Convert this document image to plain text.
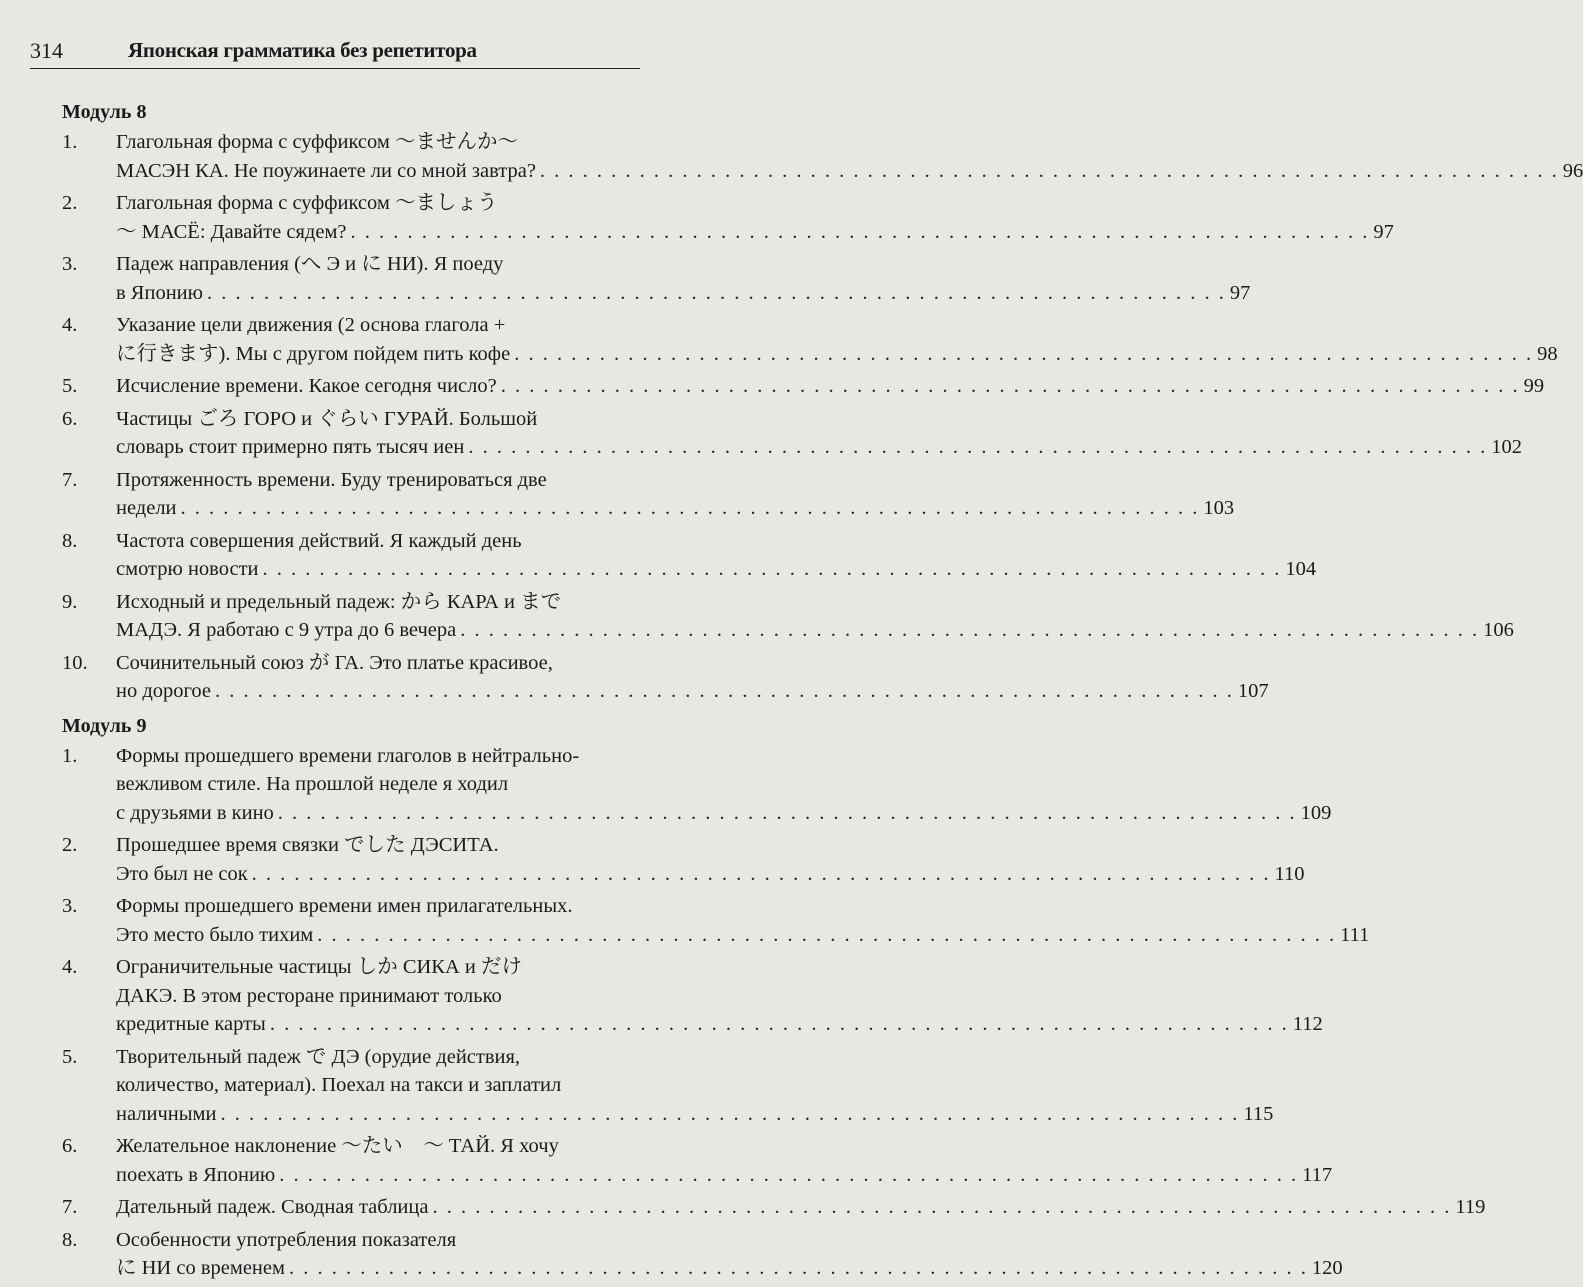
314	Японская грамматика без репетитора
Модуль 8
1.	Глагольная форма с суффиксом ～ませんか～
МАСЭН КА. Не поужинаете ли со мной завтра? . . .	96
2.	Глагольная форма с суффиксом ～ましょう
～ МАСЁ: Давайте сядем? . . .	97
3.	Падеж направления (へ Э и に НИ). Я поеду
в Японию . . .	97
4.	Указание цели движения (2 основа глагола +
に行きます). Мы с другом пойдем пить кофе . . .	98
5.	Исчисление времени. Какое сегодня число? . . .	99
6.	Частицы ごろ ГОРО и ぐらい ГУРАЙ. Большой
словарь стоит примерно пять тысяч иен . . .	102
7.	Протяженность времени. Буду тренироваться две
недели . . .	103
8.	Частота совершения действий. Я каждый день
смотрю новости . . .	104
9.	Исходный и предельный падеж: から КАРА и まで
МАДЭ. Я работаю с 9 утра до 6 вечера . . .	106
10.	Сочинительный союз が ГА. Это платье красивое,
но дорогое . . .	107
Модуль 9
1.	Формы прошедшего времени глаголов в нейтрально-
вежливом стиле. На прошлой неделе я ходил
с друзьями в кино . . .	109
2.	Прошедшее время связки でした ДЭСИТА.
Это был не сок . . .	110
3.	Формы прошедшего времени имен прилагательных.
Это место было тихим . . .	111
4.	Ограничительные частицы しか СИКА и だけ
ДАКЭ. В этом ресторане принимают только
кредитные карты . . .	112
5.	Творительный падеж で ДЭ (орудие действия,
количество, материал). Поехал на такси и заплатил
наличными . . .	115
6.	Желательное наклонение ～たい　～ ТАЙ. Я хочу
поехать в Японию . . .	117
7.	Дательный падеж. Сводная таблица . . .	119
8.	Особенности употребления показателя
に НИ со временем . . .	120
